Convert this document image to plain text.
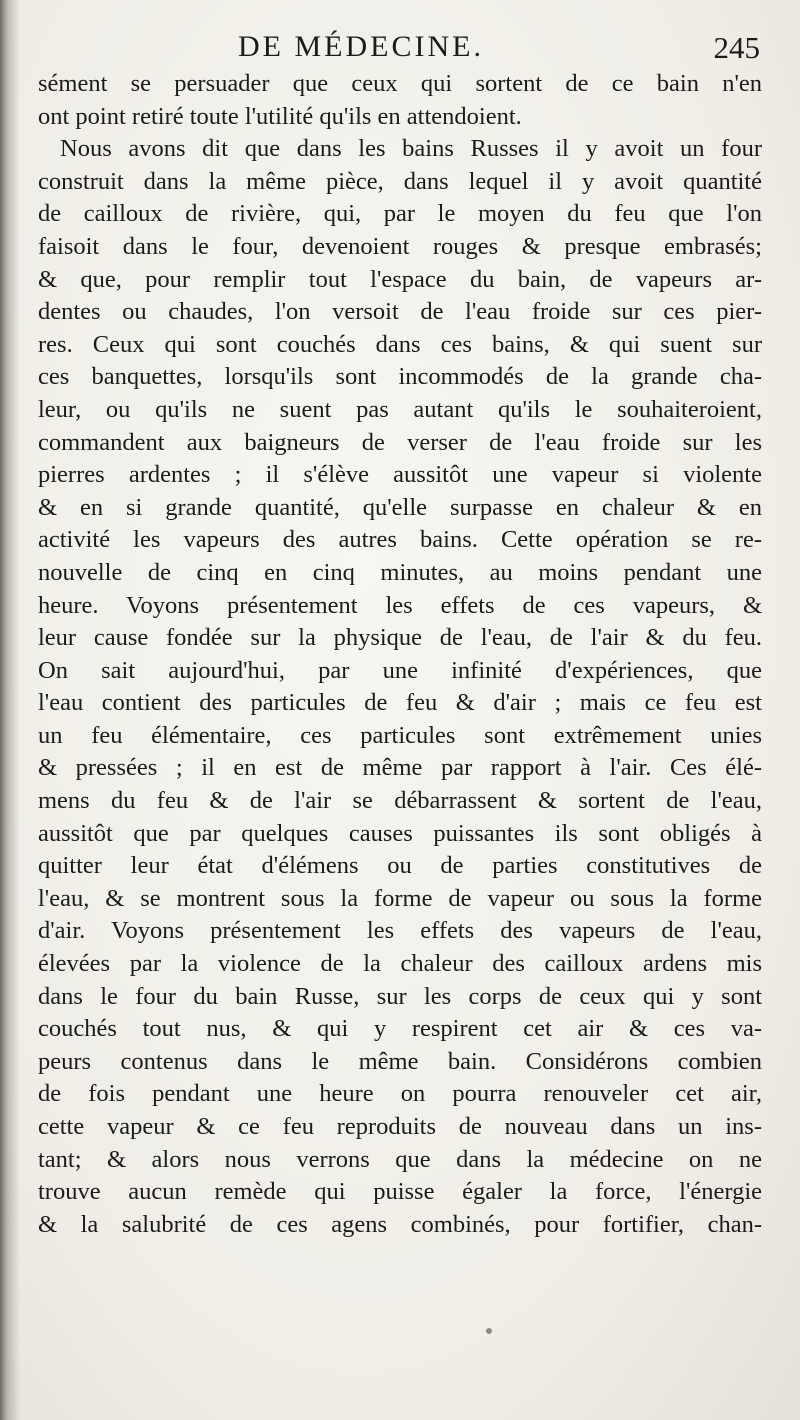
DE MÉDECINE.	245
sément se persuader que ceux qui sortent de ce bain n'en
ont point retiré toute l'utilité qu'ils en attendoient.
Nous avons dit que dans les bains Russes il y avoit un four
construit dans la même pièce, dans lequel il y avoit quantité
de cailloux de rivière, qui, par le moyen du feu que l'on
faisoit dans le four, devenoient rouges & presque embrasés;
& que, pour remplir tout l'espace du bain, de vapeurs ar-
dentes ou chaudes, l'on versoit de l'eau froide sur ces pier-
res. Ceux qui sont couchés dans ces bains, & qui suent sur
ces banquettes, lorsqu'ils sont incommodés de la grande cha-
leur, ou qu'ils ne suent pas autant qu'ils le souhaiteroient,
commandent aux baigneurs de verser de l'eau froide sur les
pierres ardentes ; il s'élève aussitôt une vapeur si violente
& en si grande quantité, qu'elle surpasse en chaleur & en
activité les vapeurs des autres bains. Cette opération se re-
nouvelle de cinq en cinq minutes, au moins pendant une
heure. Voyons présentement les effets de ces vapeurs, &
leur cause fondée sur la physique de l'eau, de l'air & du feu.
On sait aujourd'hui, par une infinité d'expériences, que
l'eau contient des particules de feu & d'air ; mais ce feu est
un feu élémentaire, ces particules sont extrêmement unies
& pressées ; il en est de même par rapport à l'air. Ces élé-
mens du feu & de l'air se débarrassent & sortent de l'eau,
aussitôt que par quelques causes puissantes ils sont obligés à
quitter leur état d'élémens ou de parties constitutives de
l'eau, & se montrent sous la forme de vapeur ou sous la forme
d'air. Voyons présentement les effets des vapeurs de l'eau,
élevées par la violence de la chaleur des cailloux ardens mis
dans le four du bain Russe, sur les corps de ceux qui y sont
couchés tout nus, & qui y respirent cet air & ces va-
peurs contenus dans le même bain. Considérons combien
de fois pendant une heure on pourra renouveler cet air,
cette vapeur & ce feu reproduits de nouveau dans un ins-
tant; & alors nous verrons que dans la médecine on ne
trouve aucun remède qui puisse égaler la force, l'énergie
& la salubrité de ces agens combinés, pour fortifier, chan-
